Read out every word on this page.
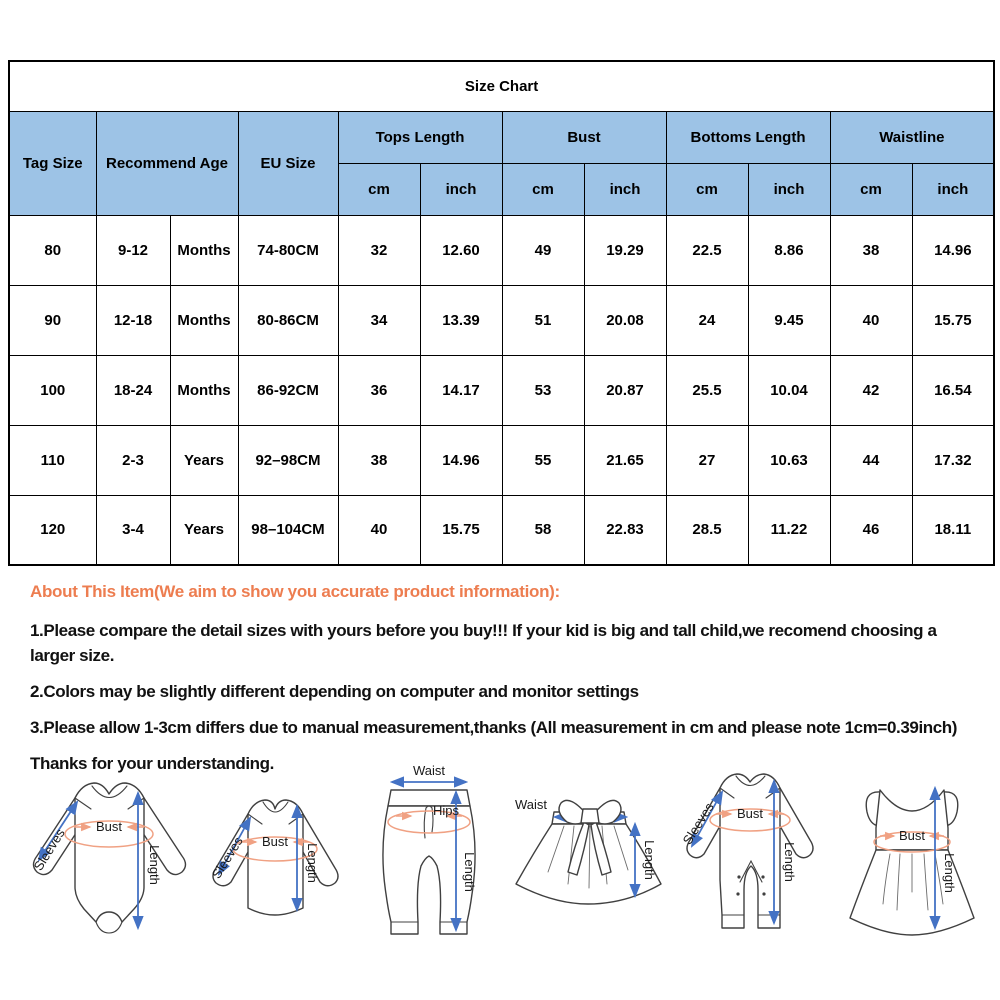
Size Chart											
Tag Size	Recommend Age		EU Size	Tops Length		Bust		Bottoms Length		Waistline	
				cm	inch	cm	inch	cm	inch	cm	inch
80	9-12	Months	74-80CM	32	12.60	49	19.29	22.5	8.86	38	14.96
90	12-18	Months	80-86CM	34	13.39	51	20.08	24	9.45	40	15.75
100	18-24	Months	86-92CM	36	14.17	53	20.87	25.5	10.04	42	16.54
110	2-3	Years	92–98CM	38	14.96	55	21.65	27	10.63	44	17.32
120	3-4	Years	98–104CM	40	15.75	58	22.83	28.5	11.22	46	18.11
About This Item(We aim to show you accurate product information):

1.Please compare the detail sizes with yours before you buy!!! If your kid is big and tall child,we recomend choosing a larger size.

2.Colors may be slightly different depending on computer and monitor settings

3.Please allow 1-3cm differs due to manual measurement,thanks (All measurement in cm and please note 1cm=0.39inch)

Thanks for your understanding.

Sleeves Bust
Length	Sleeves Bust
Length
Waist
Hips
Length
Waist
Length
Sleeves Bust
Length
Bust
Length
